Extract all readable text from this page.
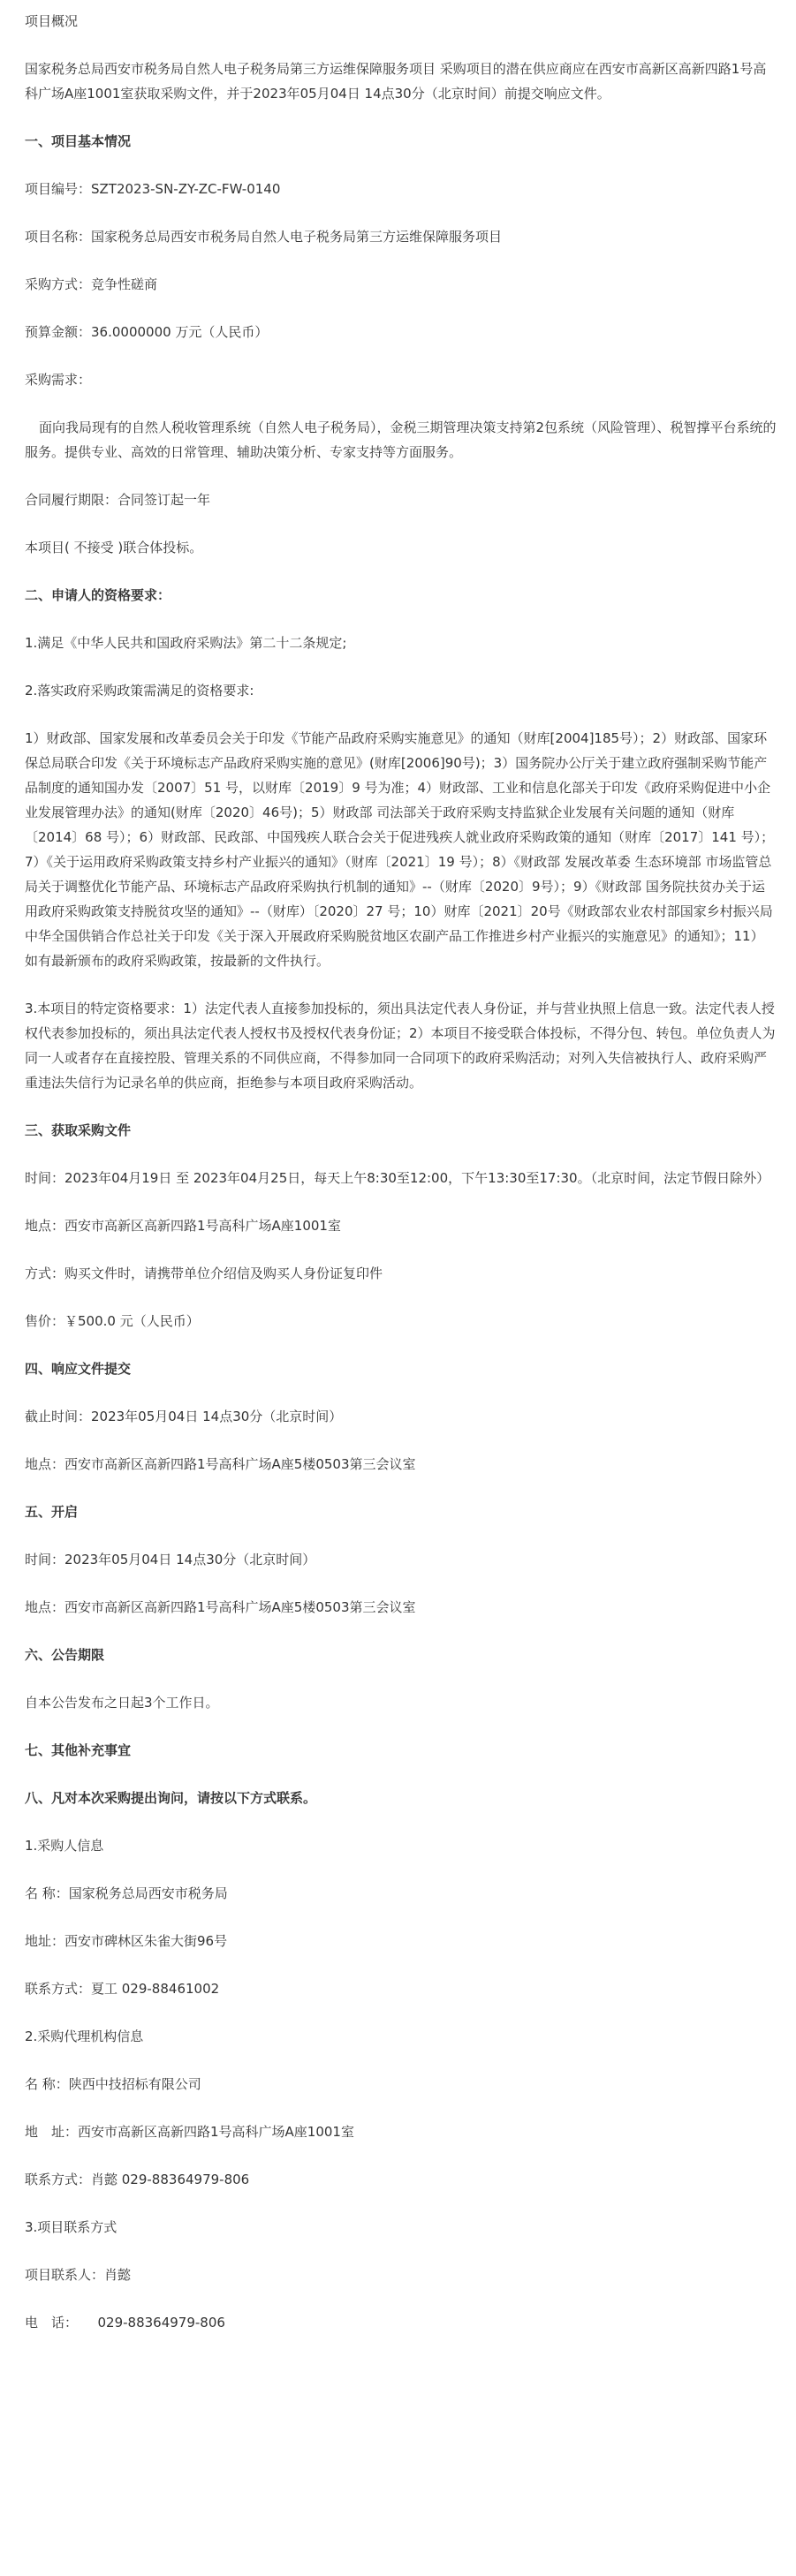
项目概况

国家税务总局西安市税务局自然人电子税务局第三方运维保障服务项目 采购项目的潜在供应商应在西安市高新区高新四路1号高科广场A座1001室获取采购文件，并于2023年05月04日 14点30分（北京时间）前提交响应文件。

一、项目基本情况

项目编号：SZT2023-SN-ZY-ZC-FW-0140

项目名称：国家税务总局西安市税务局自然人电子税务局第三方运维保障服务项目

采购方式：竞争性磋商

预算金额：36.0000000 万元（人民币）

采购需求：

面向我局现有的自然人税收管理系统（自然人电子税务局），金税三期管理决策支持第2包系统（风险管理）、税智撑平台系统的服务。提供专业、高效的日常管理、辅助决策分析、专家支持等方面服务。

合同履行期限：合同签订起一年

本项目( 不接受 )联合体投标。

二、申请人的资格要求：

1.满足《中华人民共和国政府采购法》第二十二条规定;

2.落实政府采购政策需满足的资格要求:

1）财政部、国家发展和改革委员会关于印发《节能产品政府采购实施意见》的通知（财库[2004]185号）；2）财政部、国家环保总局联合印发《关于环境标志产品政府采购实施的意见》(财库[2006]90号)；3）国务院办公厅关于建立政府强制采购节能产品制度的通知国办发〔2007〕51 号，以财库〔2019〕9 号为准；4）财政部、工业和信息化部关于印发《政府采购促进中小企业发展管理办法》的通知(财库〔2020〕46号)；5）财政部 司法部关于政府采购支持监狱企业发展有关问题的通知（财库〔2014〕68 号）；6）财政部、民政部、中国残疾人联合会关于促进残疾人就业政府采购政策的通知（财库〔2017〕141 号）；7）《关于运用政府采购政策支持乡村产业振兴的通知》（财库〔2021〕19 号）；8）《财政部 发展改革委 生态环境部 市场监管总局关于调整优化节能产品、环境标志产品政府采购执行机制的通知》--（财库〔2020〕9号）；9）《财政部 国务院扶贫办关于运用政府采购政策支持脱贫攻坚的通知》--（财库）〔2020〕27 号；10）财库〔2021〕20号《财政部农业农村部国家乡村振兴局中华全国供销合作总社关于印发《关于深入开展政府采购脱贫地区农副产品工作推进乡村产业振兴的实施意见》的通知》；11）如有最新颁布的政府采购政策，按最新的文件执行。

3.本项目的特定资格要求：1）法定代表人直接参加投标的，须出具法定代表人身份证，并与营业执照上信息一致。法定代表人授权代表参加投标的，须出具法定代表人授权书及授权代表身份证；2）本项目不接受联合体投标，不得分包、转包。单位负责人为同一人或者存在直接控股、管理关系的不同供应商，不得参加同一合同项下的政府采购活动；对列入失信被执行人、政府采购严重违法失信行为记录名单的供应商，拒绝参与本项目政府采购活动。

三、获取采购文件

时间：2023年04月19日 至 2023年04月25日，每天上午8:30至12:00，下午13:30至17:30。（北京时间，法定节假日除外）

地点：西安市高新区高新四路1号高科广场A座1001室

方式：购买文件时，请携带单位介绍信及购买人身份证复印件

售价：￥500.0 元（人民币）

四、响应文件提交

截止时间：2023年05月04日 14点30分（北京时间）

地点：西安市高新区高新四路1号高科广场A座5楼0503第三会议室

五、开启

时间：2023年05月04日 14点30分（北京时间）

地点：西安市高新区高新四路1号高科广场A座5楼0503第三会议室

六、公告期限

自本公告发布之日起3个工作日。

七、其他补充事宜
八、凡对本次采购提出询问，请按以下方式联系。

1.采购人信息

名 称：国家税务总局西安市税务局

地址：西安市碑林区朱雀大街96号

联系方式：夏工 029-88461002

2.采购代理机构信息

名 称：陕西中技招标有限公司

地　址：西安市高新区高新四路1号高科广场A座1001室

联系方式：肖懿 029-88364979-806

3.项目联系方式

项目联系人：肖懿

电　话：　　029-88364979-806
